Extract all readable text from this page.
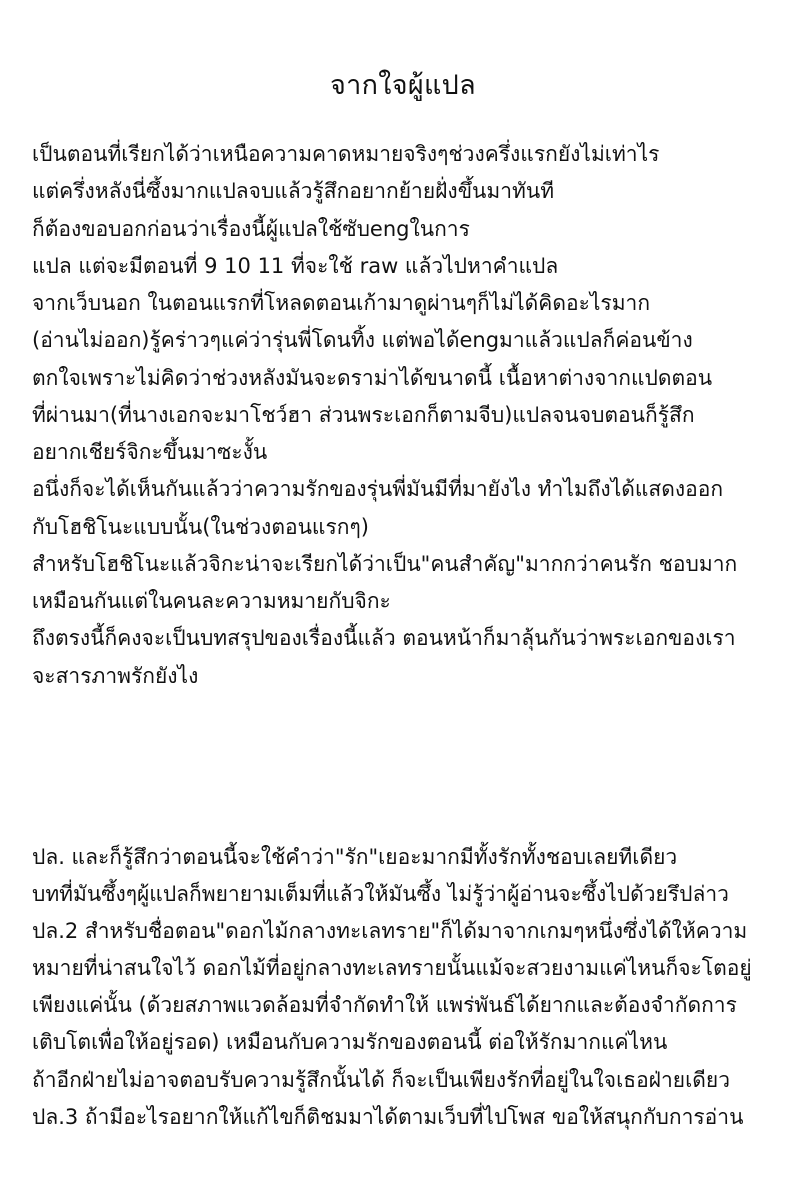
จากใจผู้แปล
เป็นตอนที่เรียกได้ว่าเหนือความคาดหมายจริงๆช่วงครึ่งแรกยังไม่เท่าไร
แต่ครึ่งหลังนี่ซึ้งมากแปลจบแล้วรู้สึกอยากย้ายฝั่งขึ้นมาทันที
ก็ต้องขอบอกก่อนว่าเรื่องนี้ผู้แปลใช้ซับengในการ
แปล แต่จะมีตอนที่ 9 10 11 ที่จะใช้ raw แล้วไปหาคำแปล
จากเว็บนอก ในตอนแรกที่โหลดตอนเก้ามาดูผ่านๆก็ไม่ได้คิดอะไรมาก
(อ่านไม่ออก)รู้คร่าวๆแค่ว่ารุ่นพี่โดนทิ้ง แต่พอได้engมาแล้วแปลก็ค่อนข้าง
ตกใจเพราะไม่คิดว่าช่วงหลังมันจะดราม่าได้ขนาดนี้ เนื้อหาต่างจากแปดตอน
ที่ผ่านมา(ที่นางเอกจะมาโชว์ฮา ส่วนพระเอกก็ตามจีบ)แปลจนจบตอนก็รู้สึก
อยากเชียร์จิกะขึ้นมาซะงั้น
อนึ่งก็จะได้เห็นกันแล้วว่าความรักของรุ่นพี่มันมีที่มายังไง ทำไมถึงได้แสดงออก
กับโฮชิโนะแบบนั้น(ในช่วงตอนแรกๆ)
สำหรับโฮชิโนะแล้วจิกะน่าจะเรียกได้ว่าเป็น"คนสำคัญ"มากกว่าคนรัก ชอบมาก
เหมือนกันแต่ในคนละความหมายกับจิกะ
ถึงตรงนี้ก็คงจะเป็นบทสรุปของเรื่องนี้แล้ว ตอนหน้าก็มาลุ้นกันว่าพระเอกของเรา
จะสารภาพรักยังไง
ปล. และก็รู้สึกว่าตอนนี้จะใช้คำว่า"รัก"เยอะมากมีทั้งรักทั้งชอบเลยทีเดียว
บทที่มันซึ้งๆผู้แปลก็พยายามเต็มที่แล้วให้มันซึ้ง ไม่รู้ว่าผู้อ่านจะซึ้งไปด้วยรึปล่าว
ปล.2 สำหรับชื่อตอน"ดอกไม้กลางทะเลทราย"ก็ได้มาจากเกมๆหนึ่งซึ่งได้ให้ความ
หมายที่น่าสนใจไว้ ดอกไม้ที่อยู่กลางทะเลทรายนั้นแม้จะสวยงามแค่ไหนก็จะโตอยู่
เพียงแค่นั้น (ด้วยสภาพแวดล้อมที่จำกัดทำให้ แพร่พันธ์ได้ยากและต้องจำกัดการ
เติบโตเพื่อให้อยู่รอด) เหมือนกับความรักของตอนนี้ ต่อให้รักมากแค่ไหน
ถ้าอีกฝ่ายไม่อาจตอบรับความรู้สึกนั้นได้ ก็จะเป็นเพียงรักที่อยู่ในใจเธอฝ่ายเดียว
ปล.3 ถ้ามีอะไรอยากให้แก้ไขก็ติชมมาได้ตามเว็บที่ไปโพส ขอให้สนุกกับการอ่าน
